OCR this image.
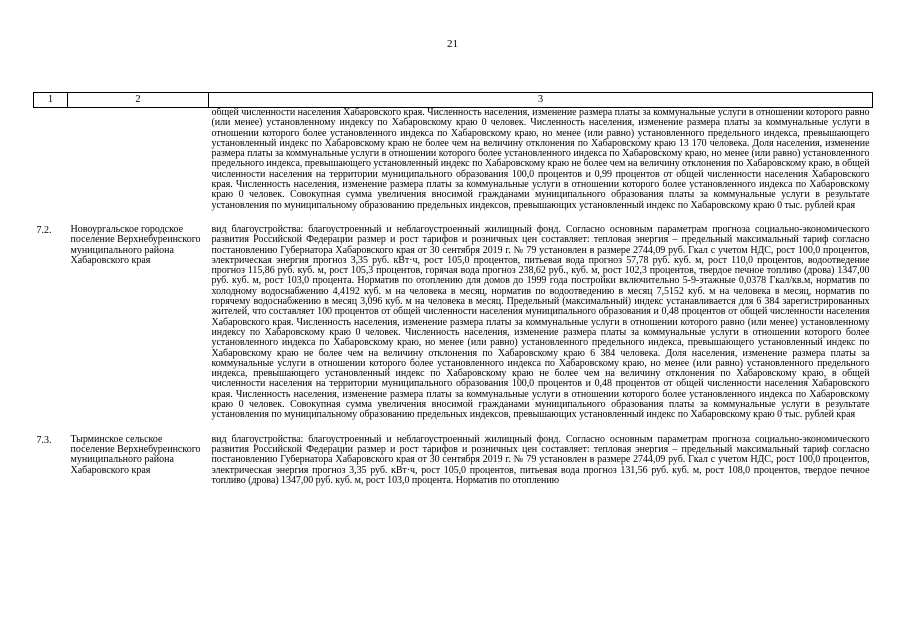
21
1	2	3
		общей численности населения Хабаровского края. Численность населения, изменение размера платы за коммунальные услуги в отношении которого равно (или менее) установленному индексу по Хабаровскому краю 0 человек. Численность населения, изменение размера платы за коммунальные услуги в отношении которого более установленного индекса по Хабаровскому краю, но менее (или равно) установленного предельного индекса, превышающего установленный индекс по Хабаровскому краю не более чем на величину отклонения по Хабаровскому краю 13 170 человека. Доля населения, изменение размера платы за коммунальные услуги в отношении которого более установленного индекса по Хабаровскому краю, но менее (или равно) установленного предельного индекса, превышающего установленный индекс по Хабаровскому краю не более чем на величину отклонения по Хабаровскому краю, в общей численности населения на территории муниципального образования 100,0 процентов и 0,99 процентов от общей численности населения Хабаровского края. Численность населения, изменение размера платы за коммунальные услуги в отношении которого более установленного индекса по Хабаровскому краю 0 человек. Совокупная сумма увеличения вносимой гражданами муниципального образования платы за коммунальные услуги в результате установления по муниципальному образованию предельных индексов, превышающих установленный индекс по Хабаровскому краю 0 тыс. рублей края

7.2.	Новоургальское городское поселение Верхнебуреинского муниципального района Хабаровского края	вид благоустройства: благоустроенный и неблагоустроенный жилищный фонд. Согласно основным параметрам прогноза социально-экономического развития Российской Федерации размер и рост тарифов и розничных цен составляет: тепловая энергия – предельный максимальный тариф согласно постановлению Губернатора Хабаровского края от 30 сентября 2019 г. № 79 установлен в размере 2744,09 руб. Гкал с учетом НДС, рост 100,0 процентов, электрическая энергия прогноз 3,35 руб. кВт·ч, рост 105,0 процентов, питьевая вода прогноз 57,78 руб. куб. м, рост 110,0 процентов, водоотведение прогноз 115,86 руб. куб. м, рост 105,3 процентов, горячая вода прогноз 238,62 руб., куб. м, рост 102,3 процентов, твердое печное топливо (дрова) 1347,00 руб. куб. м, рост 103,0 процента. Норматив по отоплению для домов до 1999 года постройки включительно 5-9-этажные 0,0378 Гкал/кв.м, норматив по холодному водоснабжению 4,4192 куб. м на человека в месяц, норматив по водоотведению в месяц 7,5152 куб. м на человека в месяц, норматив по горячему водоснабжению в месяц 3,096 куб. м на человека в месяц. Предельный (максимальный) индекс устанавливается для 6 384 зарегистрированных жителей, что составляет 100 процентов от общей численности населения муниципального образования и 0,48 процентов от общей численности населения Хабаровского края. Численность населения, изменение размера платы за коммунальные услуги в отношении которого равно (или менее) установленному индексу по Хабаровскому краю 0 человек. Численность населения, изменение размера платы за коммунальные услуги в отношении которого более установленного индекса по Хабаровскому краю, но менее (или равно) установленного предельного индекса, превышающего установленный индекс по Хабаровскому краю не более чем на величину отклонения по Хабаровскому краю 6 384 человека. Доля населения, изменение размера платы за коммунальные услуги в отношении которого более установленного индекса по Хабаровскому краю, но менее (или равно) установленного предельного индекса, превышающего установленный индекс по Хабаровскому краю не более чем на величину отклонения по Хабаровскому краю, в общей численности населения на территории муниципального образования 100,0 процентов и 0,48 процентов от общей численности населения Хабаровского края. Численность населения, изменение размера платы за коммунальные услуги в отношении которого более установленного индекса по Хабаровскому краю 0 человек. Совокупная сумма увеличения вносимой гражданами муниципального образования платы за коммунальные услуги в результате установления по муниципальному образованию предельных индексов, превышающих установленный индекс по Хабаровскому краю 0 тыс. рублей края

7.3.	Тырминское сельское поселение Верхнебуреинского муниципального района Хабаровского края	вид благоустройства: благоустроенный и неблагоустроенный жилищный фонд. Согласно основным параметрам прогноза социально-экономического развития Российской Федерации размер и рост тарифов и розничных цен составляет: тепловая энергия – предельный максимальный тариф согласно постановлению Губернатора Хабаровского края от 30 сентября 2019 г. № 79 установлен в размере 2744,09 руб. Гкал с учетом НДС, рост 100,0 процентов, электрическая энергия прогноз 3,35 руб. кВт·ч, рост 105,0 процентов, питьевая вода прогноз 131,56 руб. куб. м, рост 108,0 процентов, твердое печное топливо (дрова) 1347,00 руб. куб. м, рост 103,0 процента. Норматив по отоплению
